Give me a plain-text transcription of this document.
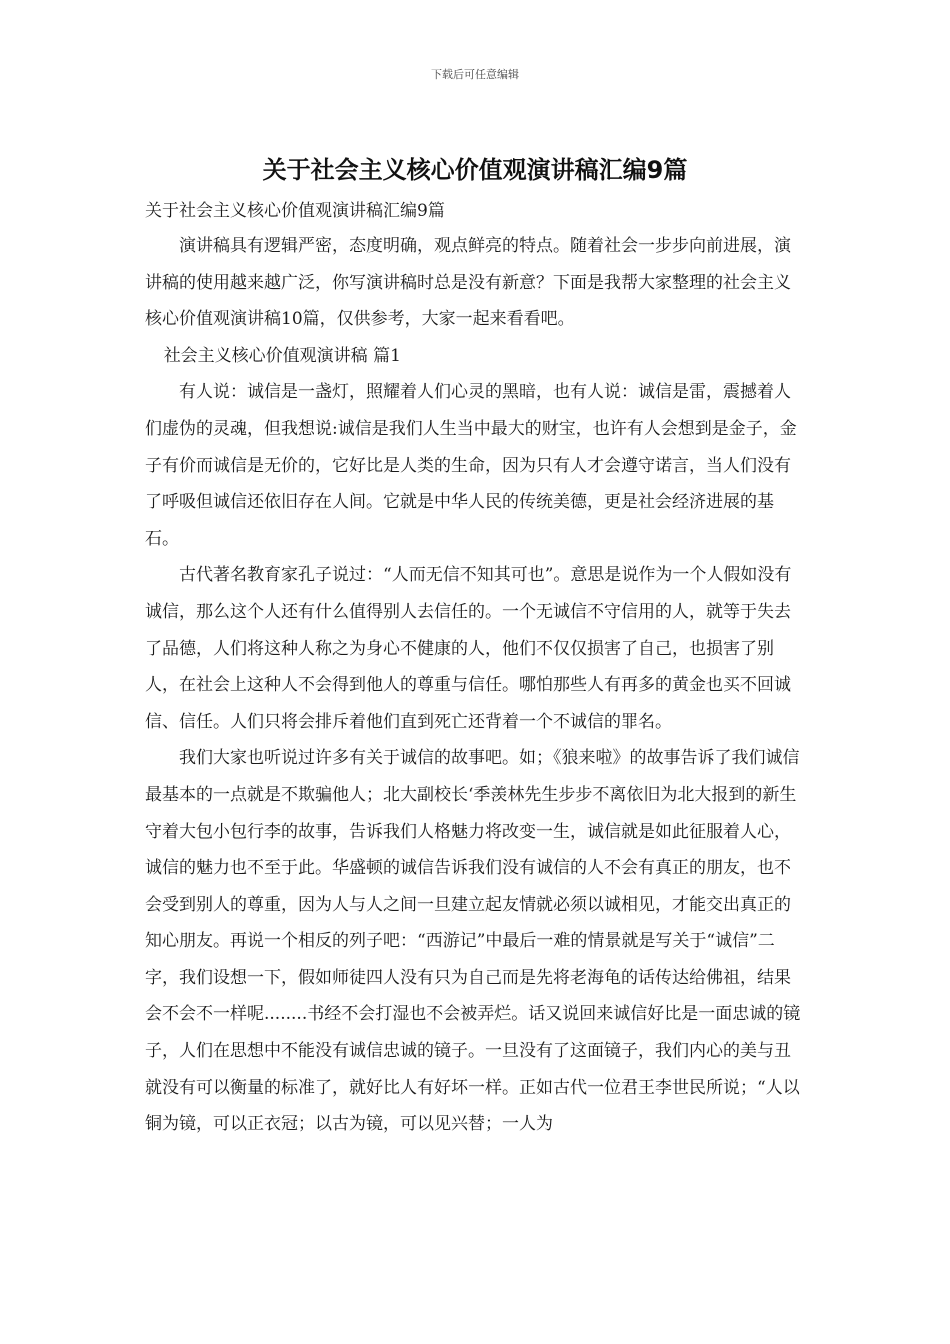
下载后可任意编辑
关于社会主义核心价值观演讲稿汇编9篇

关于社会主义核心价值观演讲稿汇编9篇

演讲稿具有逻辑严密，态度明确，观点鲜亮的特点。随着社会一步步向前进展，演讲稿的使用越来越广泛，你写演讲稿时总是没有新意？下面是我帮大家整理的社会主义核心价值观演讲稿10篇，仅供参考，大家一起来看看吧。

社会主义核心价值观演讲稿 篇1

有人说：诚信是一盏灯，照耀着人们心灵的黑暗，也有人说：诚信是雷，震撼着人们虚伪的灵魂，但我想说:诚信是我们人生当中最大的财宝，也许有人会想到是金子，金子有价而诚信是无价的，它好比是人类的生命，因为只有人才会遵守诺言，当人们没有了呼吸但诚信还依旧存在人间。它就是中华人民的传统美德，更是社会经济进展的基石。

古代著名教育家孔子说过：“人而无信不知其可也”。意思是说作为一个人假如没有诚信，那么这个人还有什么值得别人去信任的。一个无诚信不守信用的人，就等于失去了品德，人们将这种人称之为身心不健康的人，他们不仅仅损害了自己，也损害了别人，在社会上这种人不会得到他人的尊重与信任。哪怕那些人有再多的黄金也买不回诚信、信任。人们只将会排斥着他们直到死亡还背着一个不诚信的罪名。

我们大家也听说过许多有关于诚信的故事吧。如；《狼来啦》的故事告诉了我们诚信最基本的一点就是不欺骗他人；北大副校长‘季羡林先生步步不离依旧为北大报到的新生守着大包小包行李的故事，告诉我们人格魅力将改变一生，诚信就是如此征服着人心，诚信的魅力也不至于此。华盛顿的诚信告诉我们没有诚信的人不会有真正的朋友，也不会受到别人的尊重，因为人与人之间一旦建立起友情就必须以诚相见，才能交出真正的知心朋友。再说一个相反的列子吧：“西游记”中最后一难的情景就是写关于“诚信”二字，我们设想一下，假如师徒四人没有只为自己而是先将老海龟的话传达给佛祖，结果会不会不一样呢........书经不会打湿也不会被弄烂。话又说回来诚信好比是一面忠诚的镜子，人们在思想中不能没有诚信忠诚的镜子。一旦没有了这面镜子，我们内心的美与丑就没有可以衡量的标准了，就好比人有好坏一样。正如古代一位君王李世民所说；“人以铜为镜，可以正衣冠；以古为镜，可以见兴替；一人为
